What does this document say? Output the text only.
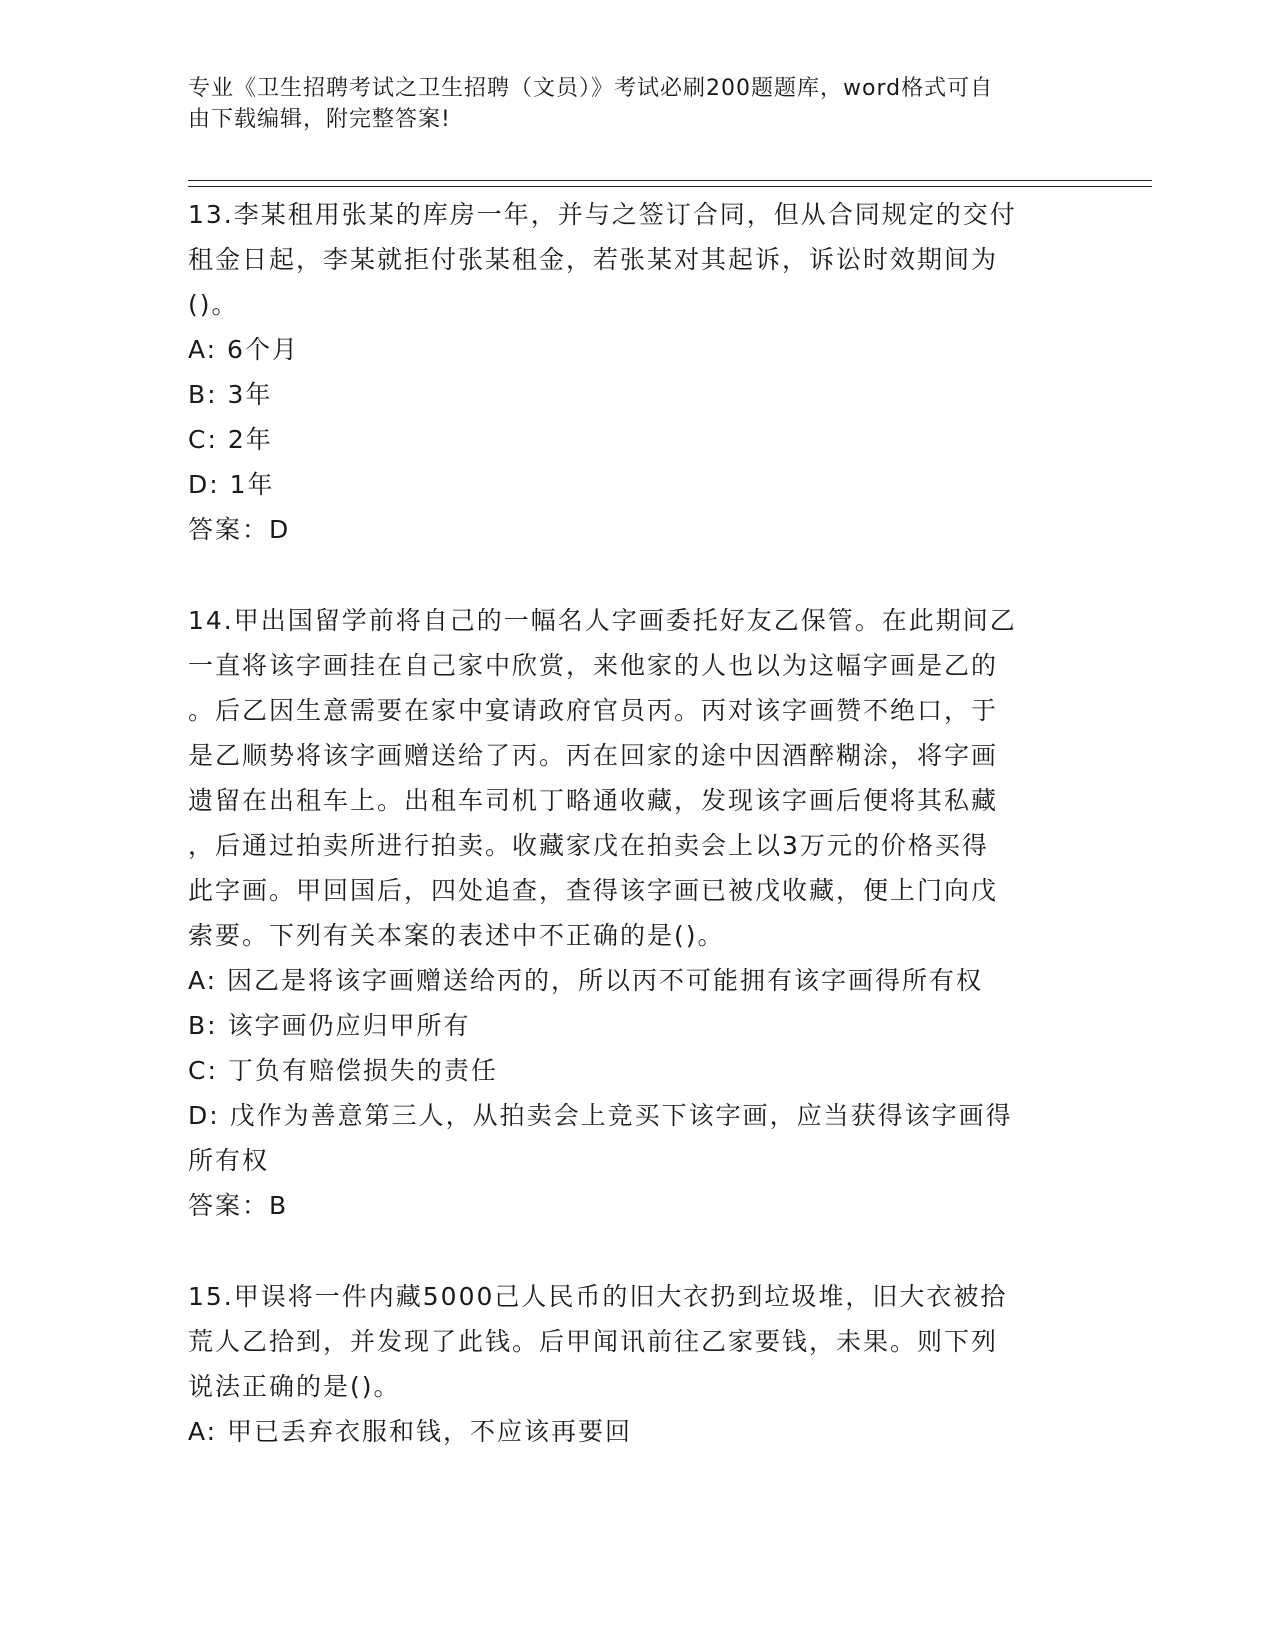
专业《卫生招聘考试之卫生招聘（文员）》考试必刷200题题库，word格式可自
由下载编辑，附完整答案!

13.李某租用张某的库房一年，并与之签订合同，但从合同规定的交付

租金日起，李某就拒付张某租金，若张某对其起诉，诉讼时效期间为

()。

A: 6个月

B: 3年

C: 2年

D: 1年

答案：D

14.甲出国留学前将自己的一幅名人字画委托好友乙保管。在此期间乙

一直将该字画挂在自己家中欣赏，来他家的人也以为这幅字画是乙的

。后乙因生意需要在家中宴请政府官员丙。丙对该字画赞不绝口，于

是乙顺势将该字画赠送给了丙。丙在回家的途中因酒醉糊涂，将字画

遗留在出租车上。出租车司机丁略通收藏，发现该字画后便将其私藏

，后通过拍卖所进行拍卖。收藏家戊在拍卖会上以3万元的价格买得

此字画。甲回国后，四处追查，查得该字画已被戊收藏，便上门向戊

索要。下列有关本案的表述中不正确的是()。

A: 因乙是将该字画赠送给丙的，所以丙不可能拥有该字画得所有权

B: 该字画仍应归甲所有

C: 丁负有赔偿损失的责任

D: 戊作为善意第三人，从拍卖会上竞买下该字画，应当获得该字画得

所有权

答案：B

15.甲误将一件内藏5000己人民币的旧大衣扔到垃圾堆，旧大衣被拾

荒人乙拾到，并发现了此钱。后甲闻讯前往乙家要钱，未果。则下列

说法正确的是()。

A: 甲已丢弃衣服和钱，不应该再要回
